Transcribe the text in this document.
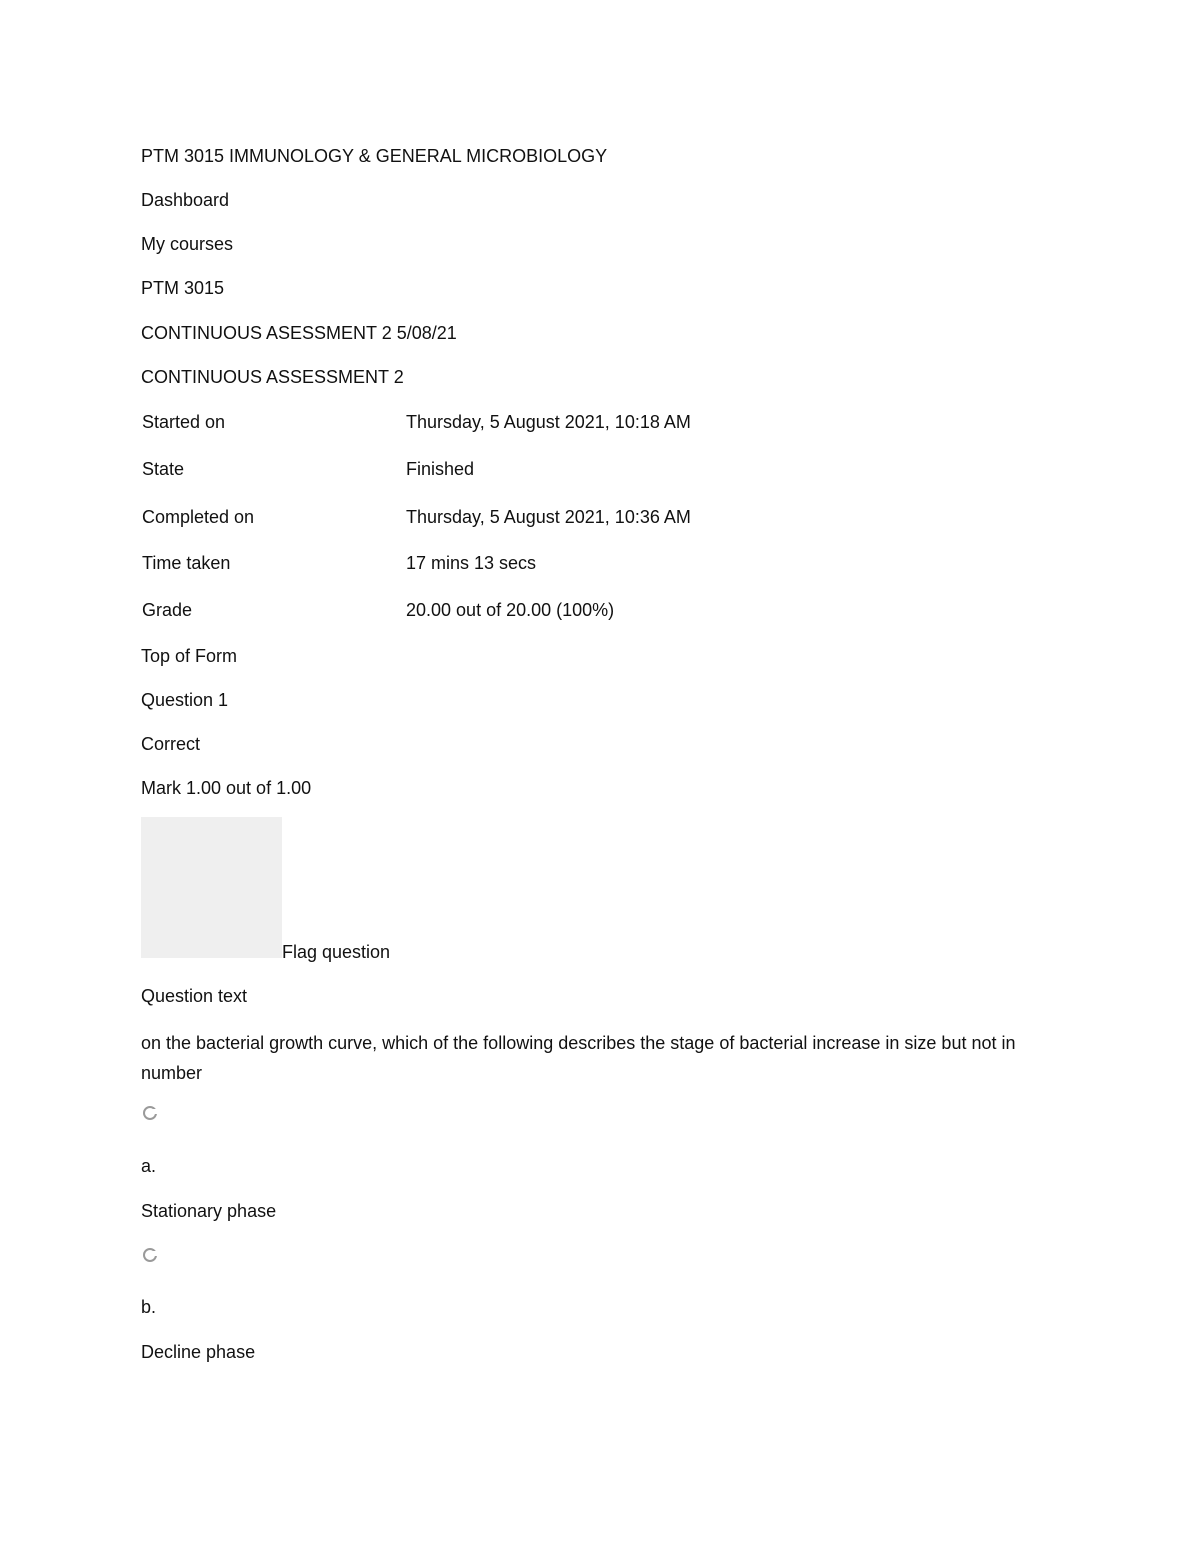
PTM 3015 IMMUNOLOGY & GENERAL MICROBIOLOGY
Dashboard
My courses
PTM 3015
CONTINUOUS ASESSMENT 2 5/08/21
CONTINUOUS ASSESSMENT 2
Started on	Thursday, 5 August 2021, 10:18 AM
State	Finished
Completed on	Thursday, 5 August 2021, 10:36 AM
Time taken	17 mins 13 secs
Grade	20.00 out of 20.00 (100%)
Top of Form
Question 1
Correct
Mark 1.00 out of 1.00
Flag question
Question text
on the bacterial growth curve, which of the following describes the stage of bacterial increase in size but not in number
a.
Stationary phase
b.
Decline phase
